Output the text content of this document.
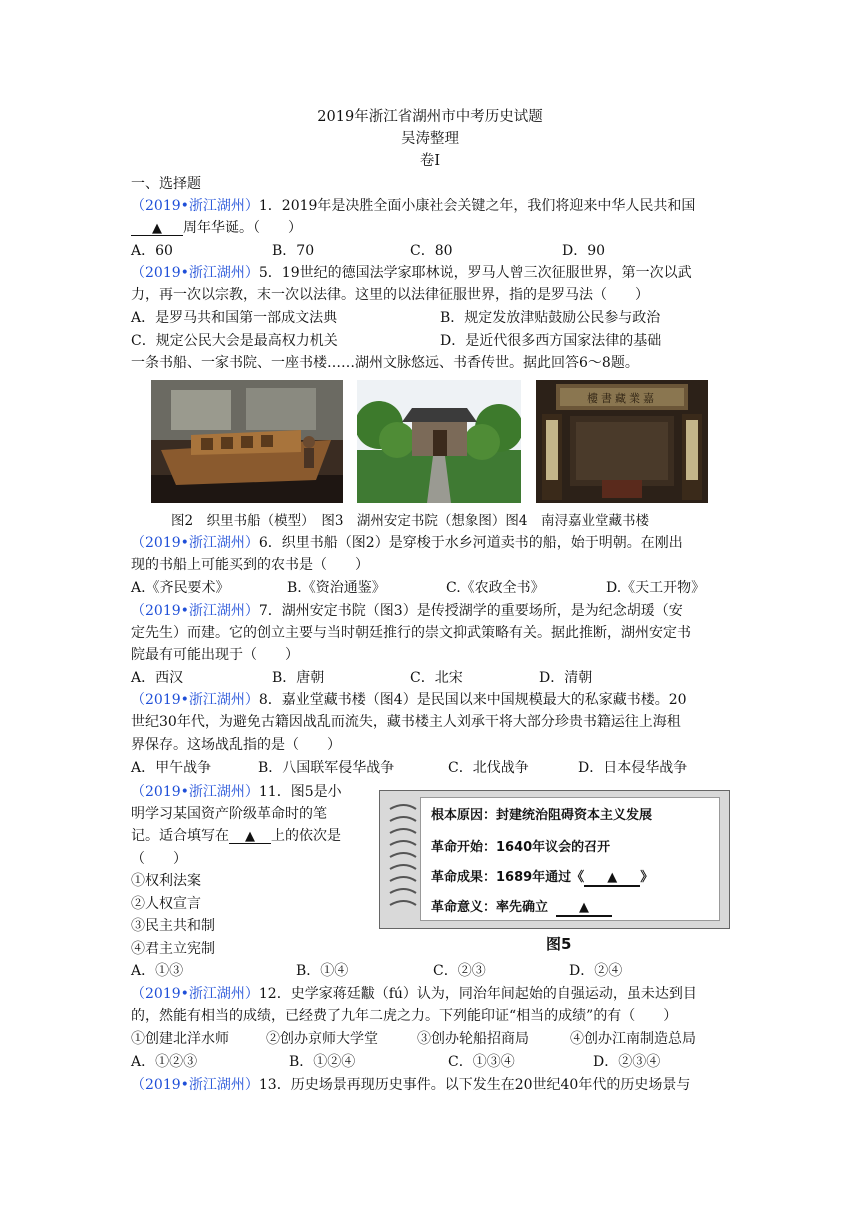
2019年浙江省湖州市中考历史试题
吴涛整理
卷Ⅰ
一、选择题
（2019•浙江湖州）1．2019年是决胜全面小康社会关键之年，我们将迎来中华人民共和国
▲ 周年华诞。（　　）
A．60	B．70	C．80	D．90
（2019•浙江湖州）5．19世纪的德国法学家耶林说，罗马人曾三次征服世界，第一次以武
力，再一次以宗教，末一次以法律。这里的以法律征服世界，指的是罗马法（　　）
A．是罗马共和国第一部成文法典	B．规定发放津贴鼓励公民参与政治
C．规定公民大会是最高权力机关	D．是近代很多西方国家法律的基础
一条书船、一家书院、一座书楼……湖州文脉悠远、书香传世。据此回答6～8题。
樓書藏業嘉
图2　织里书船（模型）　图3　湖州安定书院（想象图）图4　南浔嘉业堂藏书楼
（2019•浙江湖州）6．织里书船（图2）是穿梭于水乡河道卖书的船，始于明朝。在刚出
现的书船上可能买到的农书是（　　）
A.《齐民要术》	B.《资治通鉴》	C.《农政全书》	D.《天工开物》
（2019•浙江湖州）7．湖州安定书院（图3）是传授湖学的重要场所，是为纪念胡瑗（安
定先生）而建。它的创立主要与当时朝廷推行的崇文抑武策略有关。据此推断，湖州安定书
院最有可能出现于（　　）
A．西汉	B．唐朝	C．北宋	D．清朝
（2019•浙江湖州）8．嘉业堂藏书楼（图4）是民国以来中国规模最大的私家藏书楼。20
世纪30年代，为避免古籍因战乱而流失，藏书楼主人刘承干将大部分珍贵书籍运往上海租
界保存。这场战乱指的是（　　）
A．甲午战争	B．八国联军侵华战争	C．北伐战争	D．日本侵华战争
（2019•浙江湖州）11．图5是小
明学习某国资产阶级革命时的笔
记。适合填写在 ▲ 上的依次是
（　　）
①权利法案
②人权宣言
③民主共和制
④君主立宪制
A．①③	B．①④	C．②③	D．②④
根本原因：封建统治阻碍资本主义发展
革命开始：1640年议会的召开
革命成果：1689年通过《 ▲ 》
革命意义：率先确立 ▲
图5
（2019•浙江湖州）12．史学家蒋廷黻（fú）认为，同治年间起始的自强运动，虽未达到目
的，然能有相当的成绩，已经费了九年二虎之力。下列能印证“相当的成绩”的有（　　）
①创建北洋水师	②创办京师大学堂	③创办轮船招商局	④创办江南制造总局
A．①②③	B．①②④	C．①③④	D．②③④
（2019•浙江湖州）13．历史场景再现历史事件。以下发生在20世纪40年代的历史场景与
